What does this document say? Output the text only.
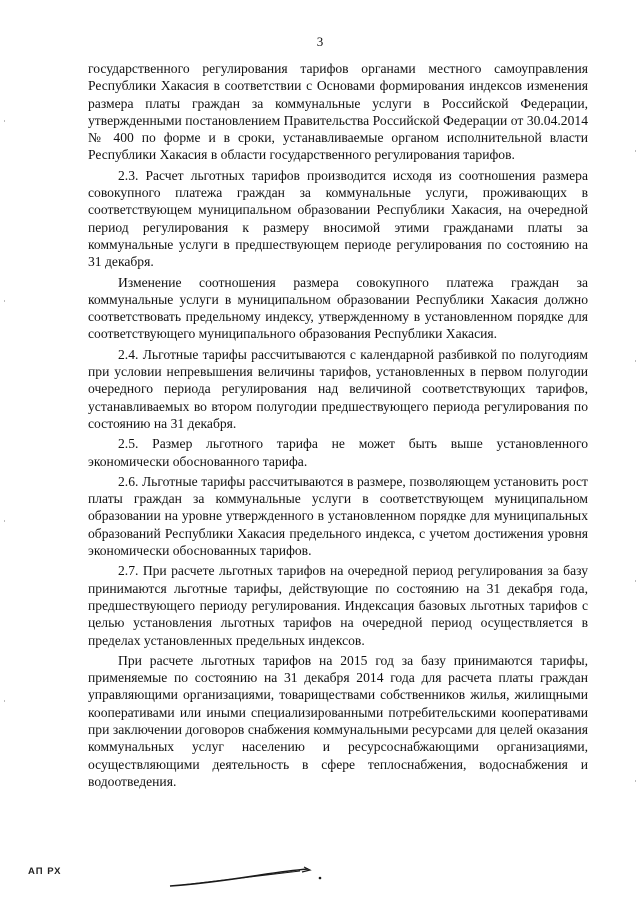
3

государственного регулирования тарифов органами местного самоуправления Республики Хакасия в соответствии с Основами формирования индексов изменения размера платы граждан за коммунальные услуги в Российской Федерации, утвержденными постановлением Правительства Российской Федерации от 30.04.2014 № 400 по форме и в сроки, устанавливаемые органом исполнительной власти Республики Хакасия в области государственного регулирования тарифов.

2.3. Расчет льготных тарифов производится исходя из соотношения размера совокупного платежа граждан за коммунальные услуги, проживающих в соответствующем муниципальном образовании Республики Хакасия, на очередной период регулирования к размеру вносимой этими гражданами платы за коммунальные услуги в предшествующем периоде регулирования по состоянию на 31 декабря.

Изменение соотношения размера совокупного платежа граждан за коммунальные услуги в муниципальном образовании Республики Хакасия должно соответствовать предельному индексу, утвержденному в установленном порядке для соответствующего муниципального образования Республики Хакасия.

2.4. Льготные тарифы рассчитываются с календарной разбивкой по полугодиям при условии непревышения величины тарифов, установленных в первом полугодии очередного периода регулирования над величиной соответствующих тарифов, устанавливаемых во втором полугодии предшествующего периода регулирования по состоянию на 31 декабря.

2.5. Размер льготного тарифа не может быть выше установленного экономически обоснованного тарифа.

2.6. Льготные тарифы рассчитываются в размере, позволяющем установить рост платы граждан за коммунальные услуги в соответствующем муниципальном образовании на уровне утвержденного в установленном порядке для муниципальных образований Республики Хакасия предельного индекса, с учетом достижения уровня экономически обоснованных тарифов.

2.7. При расчете льготных тарифов на очередной период регулирования за базу принимаются льготные тарифы, действующие по состоянию на 31 декабря года, предшествующего периоду регулирования. Индексация базовых льготных тарифов с целью установления льготных тарифов на очередной период осуществляется в пределах установленных предельных индексов.

При расчете льготных тарифов на 2015 год за базу принимаются тарифы, применяемые по состоянию на 31 декабря 2014 года для расчета платы граждан управляющими организациями, товариществами собственников жилья, жилищными кооперативами или иными специализированными потребительскими кооперативами при заключении договоров снабжения коммунальными ресурсами для целей оказания коммунальных услуг населению и ресурсоснабжающими организациями, осуществляющими деятельность в сфере теплоснабжения, водоснабжения и водоотведения.

АП РХ
